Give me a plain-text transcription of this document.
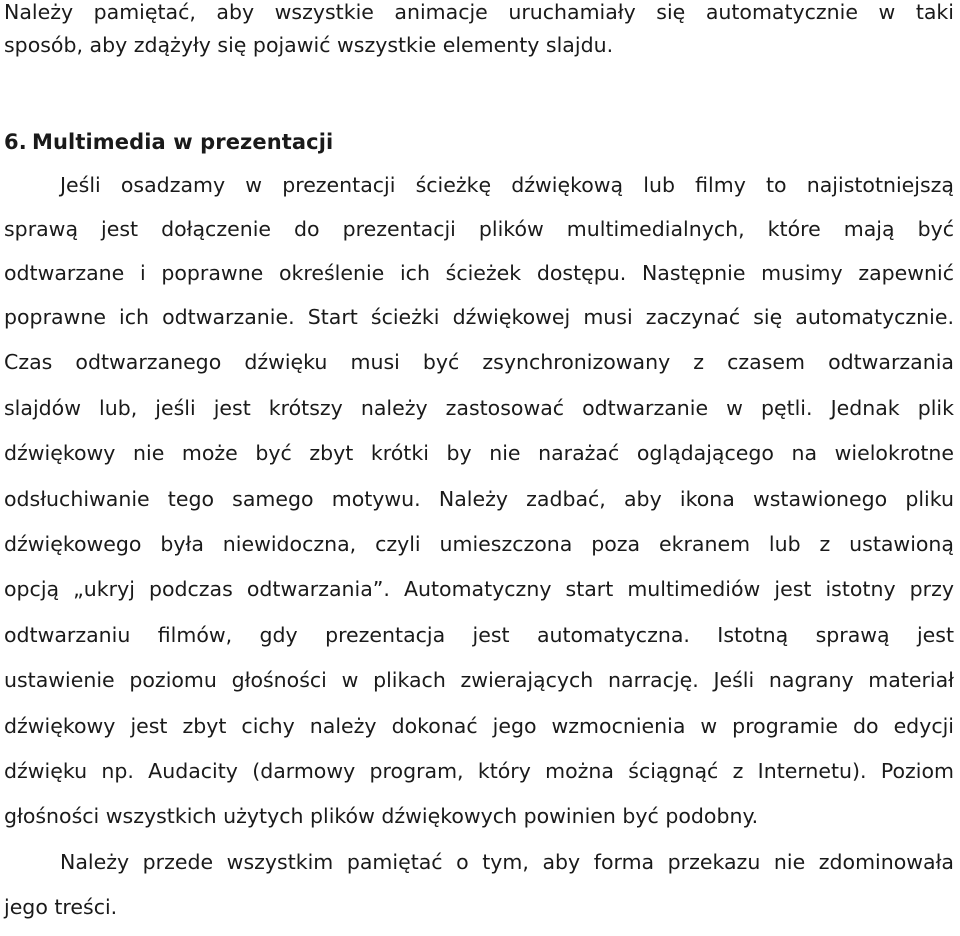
Należy pamiętać, aby wszystkie animacje uruchamiały się automatycznie w taki
sposób, aby zdążyły się pojawić wszystkie elementy slajdu.
6. Multimedia w prezentacji
Jeśli osadzamy w prezentacji ścieżkę dźwiękową lub filmy to najistotniejszą
sprawą jest dołączenie do prezentacji plików multimedialnych, które mają być
odtwarzane i poprawne określenie ich ścieżek dostępu. Następnie musimy zapewnić
poprawne ich odtwarzanie. Start ścieżki dźwiękowej musi zaczynać się automatycznie.
Czas odtwarzanego dźwięku musi być zsynchronizowany z czasem odtwarzania
slajdów lub, jeśli jest krótszy należy zastosować odtwarzanie w pętli. Jednak plik
dźwiękowy nie może być zbyt krótki by nie narażać oglądającego na wielokrotne
odsłuchiwanie tego samego motywu. Należy zadbać, aby ikona wstawionego pliku
dźwiękowego była niewidoczna, czyli umieszczona poza ekranem lub z ustawioną
opcją „ukryj podczas odtwarzania”. Automatyczny start multimediów jest istotny przy
odtwarzaniu filmów, gdy prezentacja jest automatyczna. Istotną sprawą jest
ustawienie poziomu głośności w plikach zwierających narrację. Jeśli nagrany materiał
dźwiękowy jest zbyt cichy należy dokonać jego wzmocnienia w programie do edycji
dźwięku np. Audacity (darmowy program, który można ściągnąć z Internetu). Poziom
głośności wszystkich użytych plików dźwiękowych powinien być podobny.
Należy przede wszystkim pamiętać o tym, aby forma przekazu nie zdominowała
jego treści.
